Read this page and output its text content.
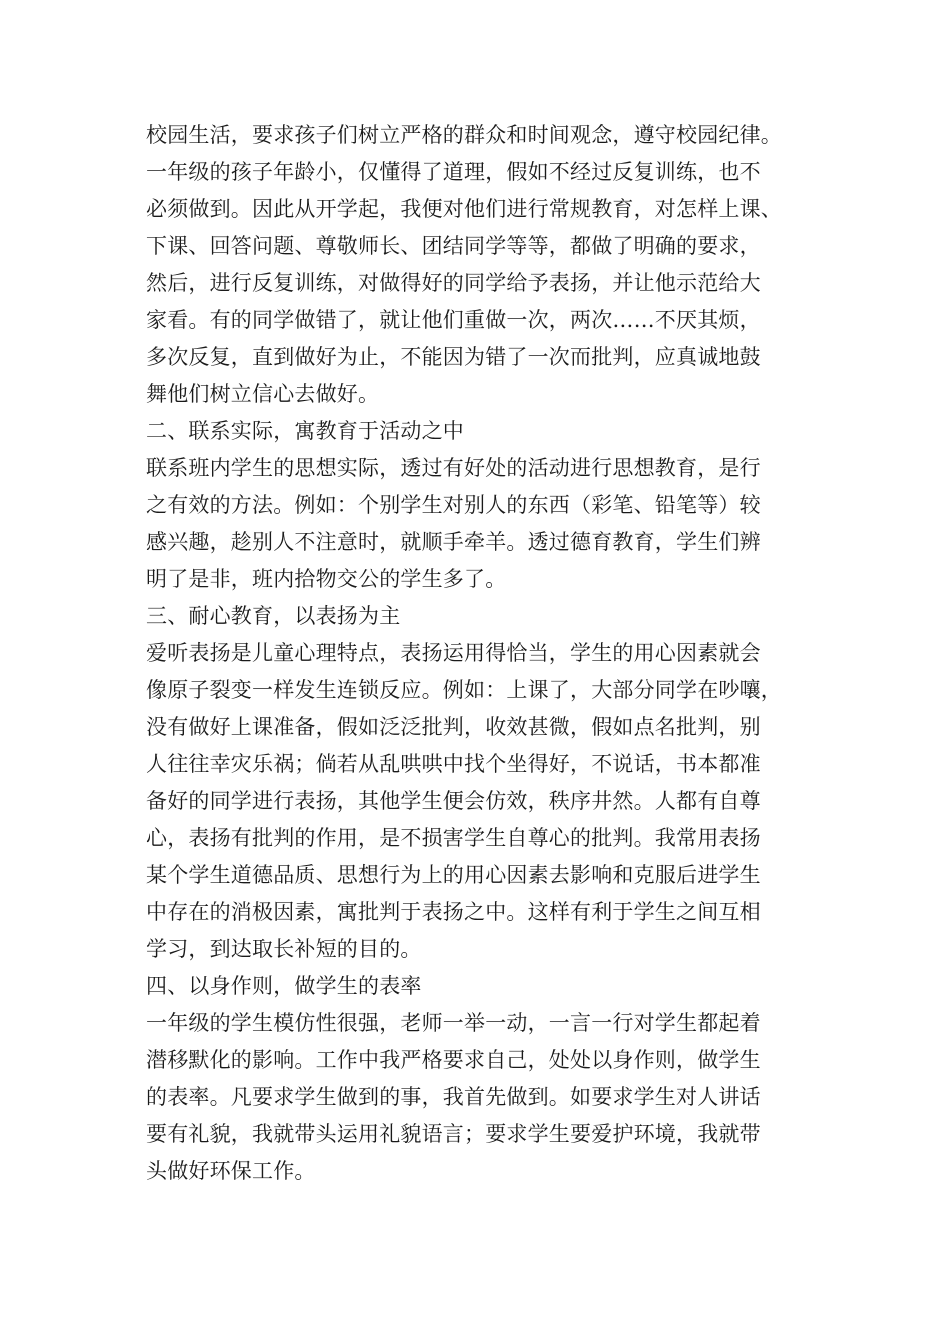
校园生活，要求孩子们树立严格的群众和时间观念，遵守校园纪律。

一年级的孩子年龄小，仅懂得了道理，假如不经过反复训练，也不

必须做到。因此从开学起，我便对他们进行常规教育，对怎样上课、

下课、回答问题、尊敬师长、团结同学等等，都做了明确的要求，

然后，进行反复训练，对做得好的同学给予表扬，并让他示范给大

家看。有的同学做错了，就让他们重做一次，两次……不厌其烦，

多次反复，直到做好为止，不能因为错了一次而批判，应真诚地鼓

舞他们树立信心去做好。

二、联系实际，寓教育于活动之中

联系班内学生的思想实际，透过有好处的活动进行思想教育，是行

之有效的方法。例如：个别学生对别人的东西（彩笔、铅笔等）较

感兴趣，趁别人不注意时，就顺手牵羊。透过德育教育，学生们辨

明了是非，班内拾物交公的学生多了。

三、耐心教育，以表扬为主

爱听表扬是儿童心理特点，表扬运用得恰当，学生的用心因素就会

像原子裂变一样发生连锁反应。例如：上课了，大部分同学在吵嚷，

没有做好上课准备，假如泛泛批判，收效甚微，假如点名批判，别

人往往幸灾乐祸；倘若从乱哄哄中找个坐得好，不说话，书本都准

备好的同学进行表扬，其他学生便会仿效，秩序井然。人都有自尊

心，表扬有批判的作用，是不损害学生自尊心的批判。我常用表扬

某个学生道德品质、思想行为上的用心因素去影响和克服后进学生

中存在的消极因素，寓批判于表扬之中。这样有利于学生之间互相

学习，到达取长补短的目的。

四、以身作则，做学生的表率

一年级的学生模仿性很强，老师一举一动，一言一行对学生都起着

潜移默化的影响。工作中我严格要求自己，处处以身作则，做学生

的表率。凡要求学生做到的事，我首先做到。如要求学生对人讲话

要有礼貌，我就带头运用礼貌语言；要求学生要爱护环境，我就带

头做好环保工作。
